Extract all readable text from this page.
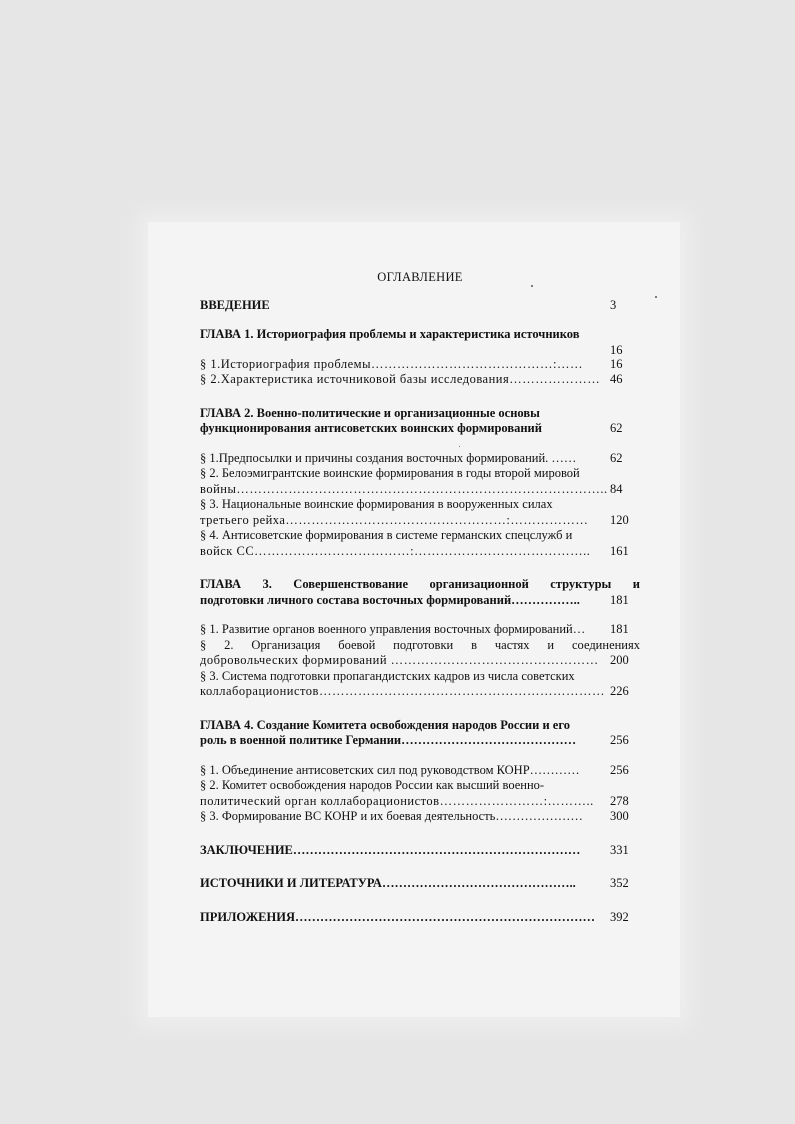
ОГЛАВЛЕНИЕ
ВВЕДЕНИЕ	3
ГЛАВА 1. Историография проблемы и характеристика источников
16
§ 1.Историография проблемы……………………………………:……	16
§ 2.Характеристика источниковой базы исследования………………… 46
ГЛАВА 2. Военно-политические и организационные основы
функционирования антисоветских воинских формирований	62
§ 1.Предпосылки и причины создания восточных формирований. ……	62
§ 2. Белоэмигрантские воинские формирования в годы второй мировой
войны………………………………………………………………………….. 84
§ 3. Национальные воинские формирования в вооруженных силах
третьего рейха……………………………………………:………………	120
§ 4. Антисоветские формирования в системе германских спецслужб и
войск СС………………………………:…………………………………..	161
ГЛАВА 3. Совершенствование организационной структуры и
подготовки личного состава восточных формирований……………..	181
§ 1. Развитие органов военного управления восточных формирований…	181
§ 2. Организация боевой подготовки в частях и соединениях
добровольческих формирований ………………………………………… 200
§ 3. Система подготовки пропагандистских кадров из числа советских
коллаборационистов………………………………………………………… 226
ГЛАВА 4. Создание Комитета освобождения народов России и его
роль в военной политике Германии……………………………………	256
§ 1. Объединение антисоветских сил под руководством КОНР…………	256
§ 2. Комитет освобождения народов России как высший военно-
политический орган коллаборационистов……………………:………..	278
§ 3. Формирование ВС КОНР и их боевая деятельность…………………	300
ЗАКЛЮЧЕНИЕ……………………………………………………………	331
ИСТОЧНИКИ И ЛИТЕРАТУРА………………………………………..	352
ПРИЛОЖЕНИЯ………………………………………………………………	392
